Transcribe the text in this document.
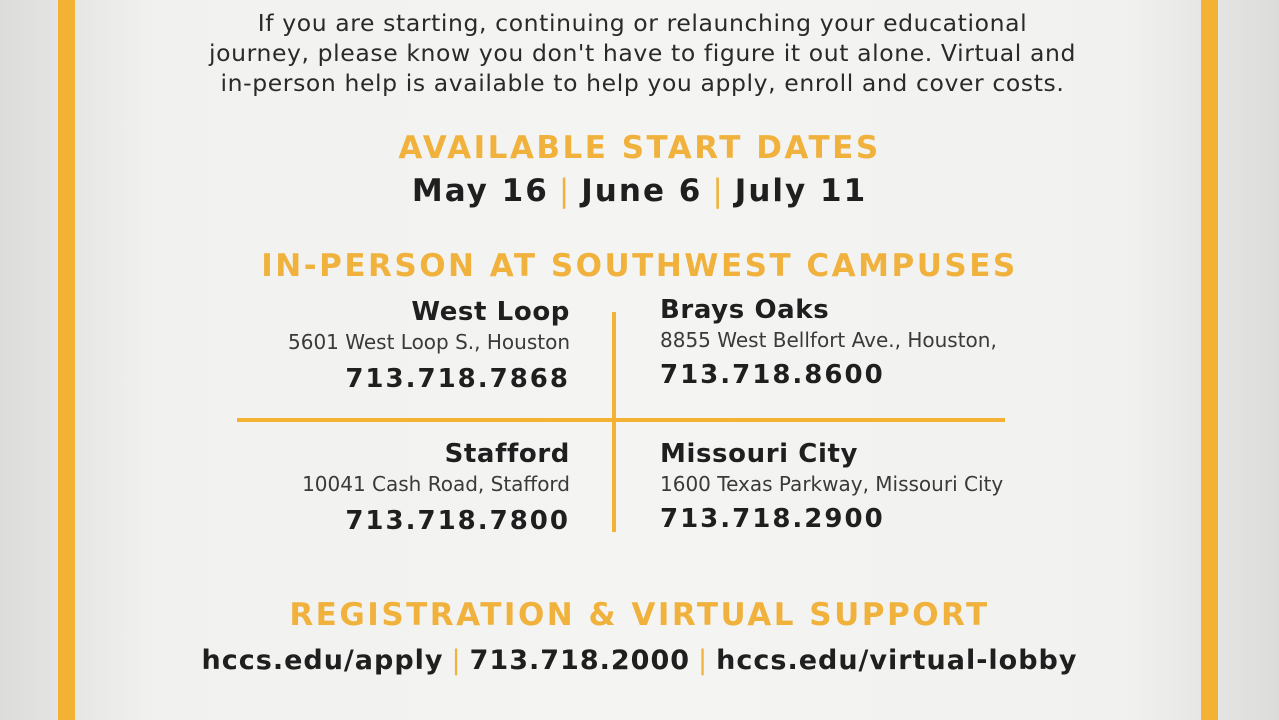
If you are starting, continuing or relaunching your educational
journey, please know you don't have to figure it out alone. Virtual and
in-person help is available to help you apply, enroll and cover costs.
AVAILABLE START DATES
May 16 | June 6 | July 11
IN-PERSON AT SOUTHWEST CAMPUSES
West Loop
5601 West Loop S., Houston
713.718.7868
Brays Oaks
8855 West Bellfort Ave., Houston,
713.718.8600
Stafford
10041 Cash Road, Stafford
713.718.7800
Missouri City
1600 Texas Parkway, Missouri City
713.718.2900
REGISTRATION & VIRTUAL SUPPORT
hccs.edu/apply | 713.718.2000 | hccs.edu/virtual-lobby
